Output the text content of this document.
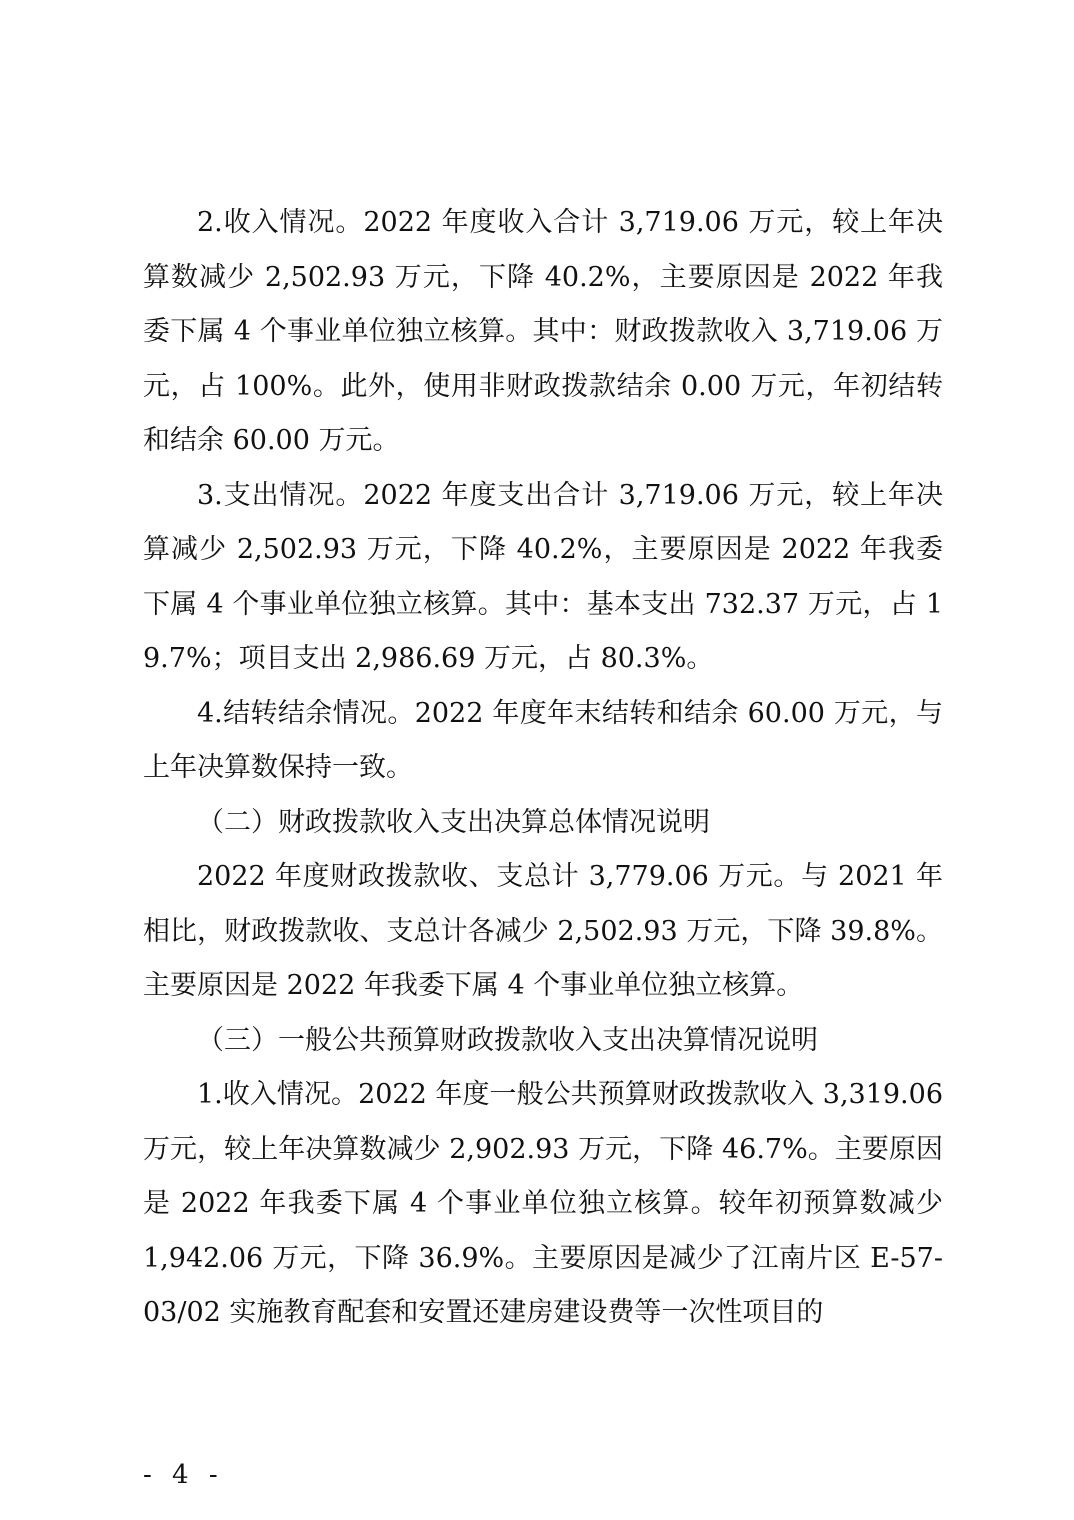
2.收入情况。2022 年度收入合计 3,719.06 万元，较上年决算数减少 2,502.93 万元，下降 40.2%，主要原因是 2022 年我委下属 4 个事业单位独立核算。其中：财政拨款收入 3,719.06 万元，占 100%。此外，使用非财政拨款结余 0.00 万元，年初结转和结余 60.00 万元。

3.支出情况。2022 年度支出合计 3,719.06 万元，较上年决算减少 2,502.93 万元，下降 40.2%，主要原因是 2022 年我委下属 4 个事业单位独立核算。其中：基本支出 732.37 万元，占 19.7%；项目支出 2,986.69 万元，占 80.3%。

4.结转结余情况。2022 年度年末结转和结余 60.00 万元，与上年决算数保持一致。

（二）财政拨款收入支出决算总体情况说明

2022 年度财政拨款收、支总计 3,779.06 万元。与 2021 年相比，财政拨款收、支总计各减少 2,502.93 万元，下降 39.8%。主要原因是 2022 年我委下属 4 个事业单位独立核算。

（三）一般公共预算财政拨款收入支出决算情况说明

1.收入情况。2022 年度一般公共预算财政拨款收入 3,319.06 万元，较上年决算数减少 2,902.93 万元，下降 46.7%。主要原因是 2022 年我委下属 4 个事业单位独立核算。较年初预算数减少 1,942.06 万元，下降 36.9%。主要原因是减少了江南片区 E-57-03/02 实施教育配套和安置还建房建设费等一次性项目的

- 4 -
